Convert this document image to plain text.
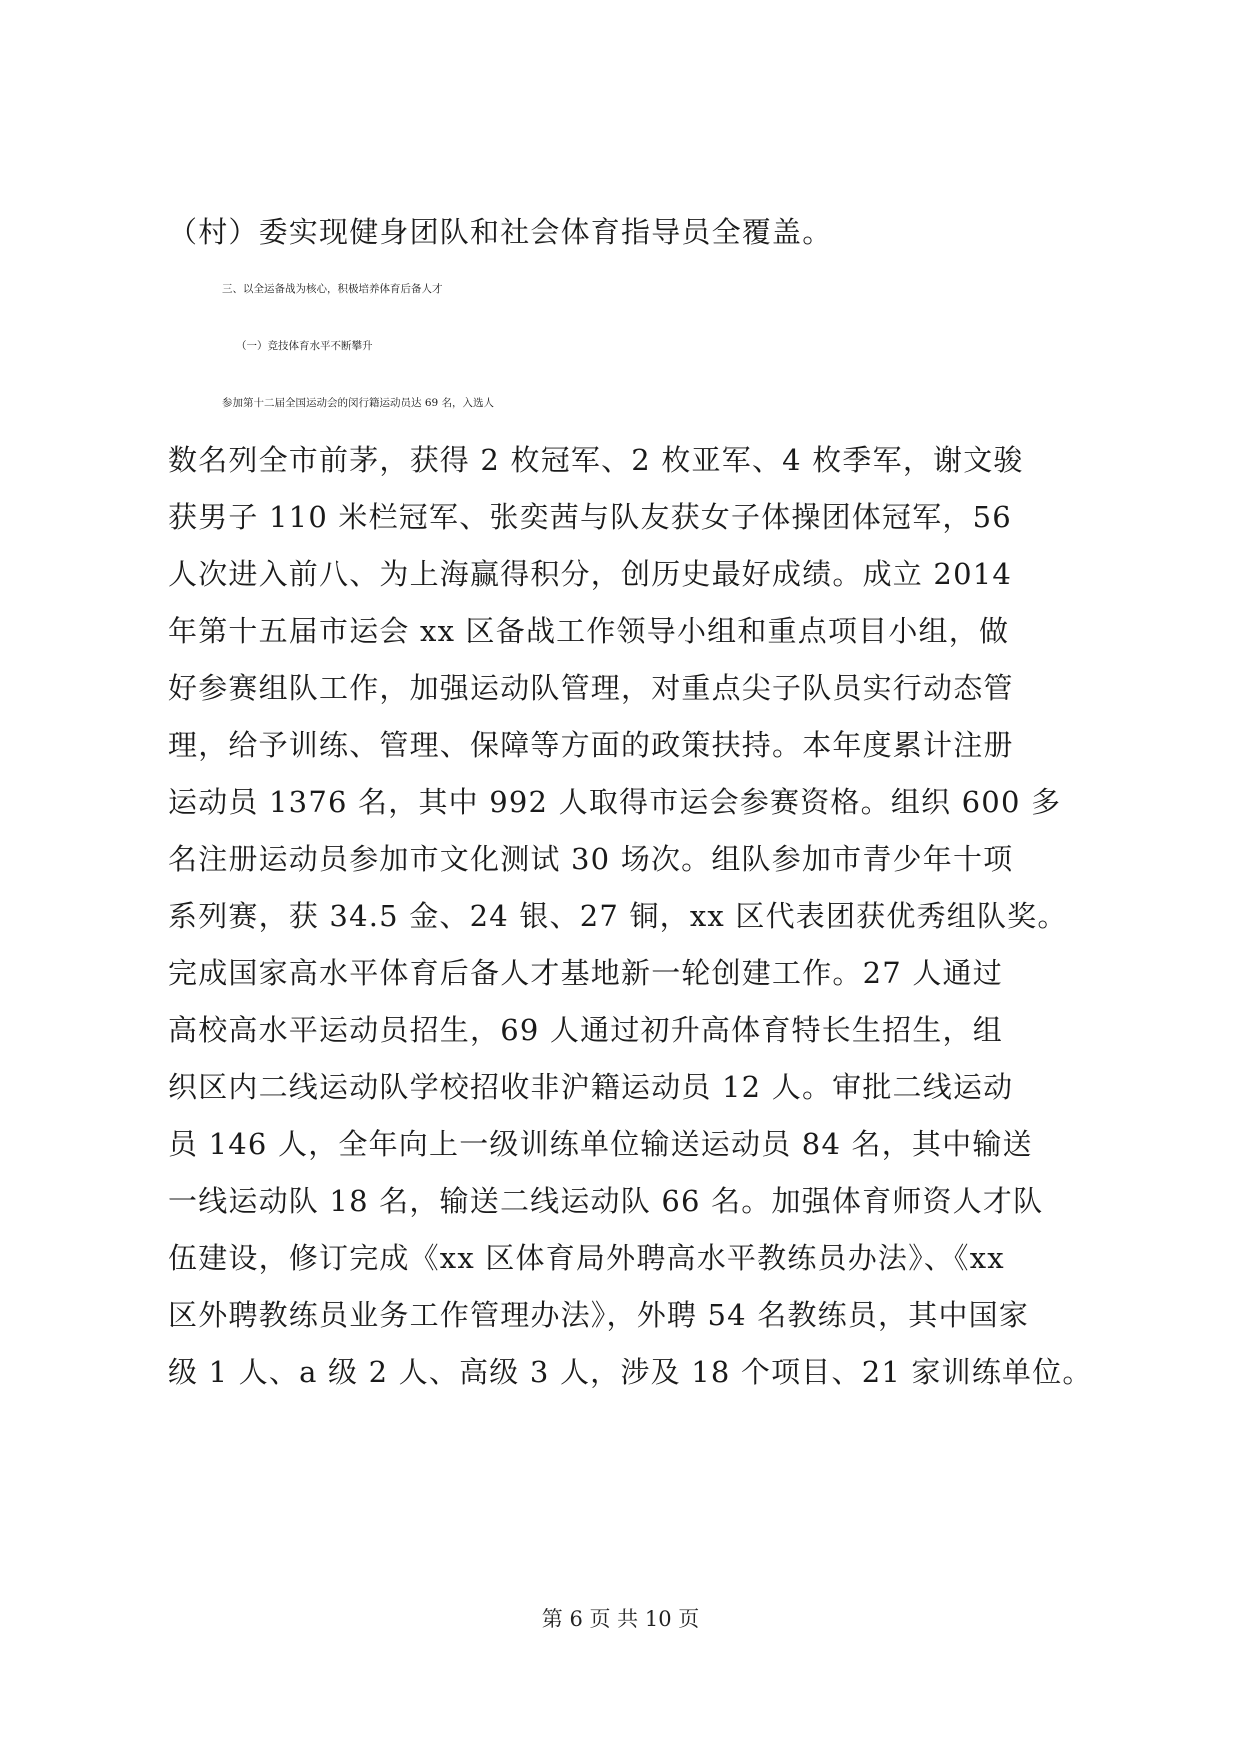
（村）委实现健身团队和社会体育指导员全覆盖。
三、以全运备战为核心，积极培养体育后备人才
（一）竞技体育水平不断攀升
参加第十二届全国运动会的闵行籍运动员达 69 名，入选人
数名列全市前茅，获得 2 枚冠军、2 枚亚军、4 枚季军，谢文骏
获男子 110 米栏冠军、张奕茜与队友获女子体操团体冠军，56
人次进入前八、为上海赢得积分，创历史最好成绩。成立 2014
年第十五届市运会 xx 区备战工作领导小组和重点项目小组，做
好参赛组队工作，加强运动队管理，对重点尖子队员实行动态管
理，给予训练、管理、保障等方面的政策扶持。本年度累计注册
运动员 1376 名，其中 992 人取得市运会参赛资格。组织 600 多
名注册运动员参加市文化测试 30 场次。组队参加市青少年十项
系列赛，获 34.5 金、24 银、27 铜，xx 区代表团获优秀组队奖。
完成国家高水平体育后备人才基地新一轮创建工作。27 人通过
高校高水平运动员招生，69 人通过初升高体育特长生招生，组
织区内二线运动队学校招收非沪籍运动员 12 人。审批二线运动
员 146 人，全年向上一级训练单位输送运动员 84 名，其中输送
一线运动队 18 名，输送二线运动队 66 名。加强体育师资人才队
伍建设，修订完成《xx 区体育局外聘高水平教练员办法》、《xx
区外聘教练员业务工作管理办法》，外聘 54 名教练员，其中国家
级 1 人、a 级 2 人、高级 3 人，涉及 18 个项目、21 家训练单位。
第 6 页 共 10 页
